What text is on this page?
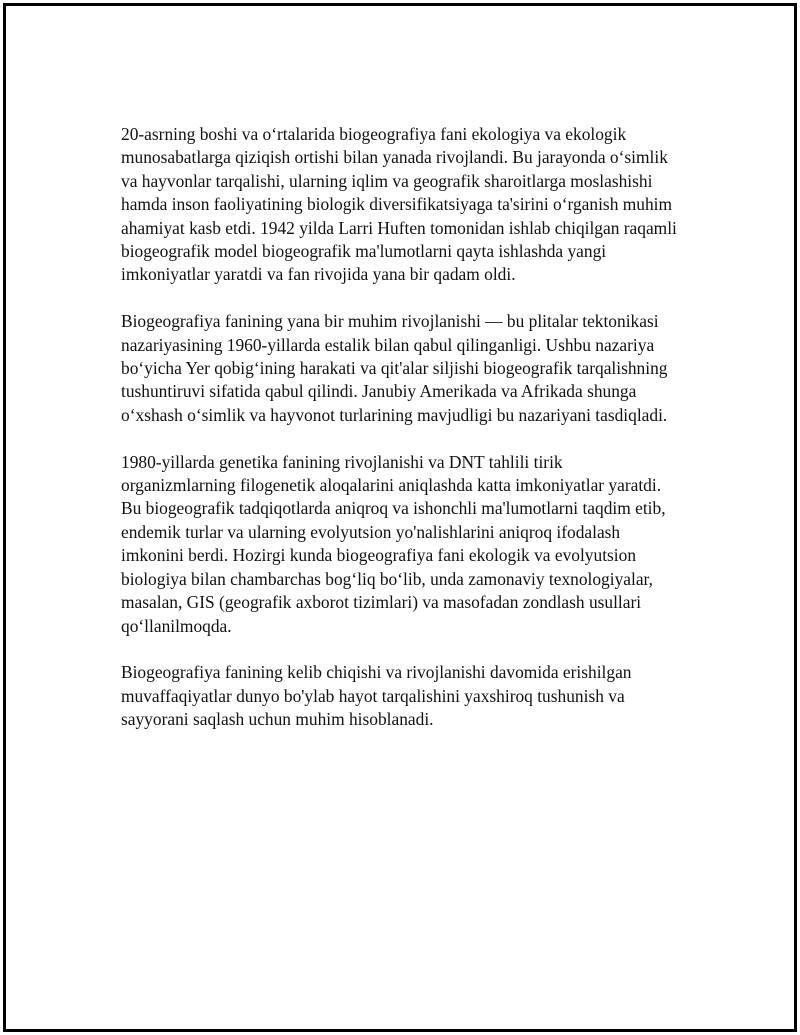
20-asrning boshi va o‘rtalarida biogeografiya fani ekologiya va ekologik munosabatlarga qiziqish ortishi bilan yanada rivojlandi. Bu jarayonda o‘simlik va hayvonlar tarqalishi, ularning iqlim va geografik sharoitlarga moslashishi hamda inson faoliyatining biologik diversifikatsiyaga ta'sirini o‘rganish muhim ahamiyat kasb etdi. 1942 yilda Larri Huften tomonidan ishlab chiqilgan raqamli biogeografik model biogeografik ma'lumotlarni qayta ishlashda yangi imkoniyatlar yaratdi va fan rivojida yana bir qadam oldi.

Biogeografiya fanining yana bir muhim rivojlanishi — bu plitalar tektonikasi nazariyasining 1960-yillarda estalik bilan qabul qilinganligi. Ushbu nazariya bo‘yicha Yer qobig‘ining harakati va qit'alar siljishi biogeografik tarqalishning tushuntiruvi sifatida qabul qilindi. Janubiy Amerikada va Afrikada shunga o‘xshash o‘simlik va hayvonot turlarining mavjudligi bu nazariyani tasdiqladi.

1980-yillarda genetika fanining rivojlanishi va DNT tahlili tirik organizmlarning filogenetik aloqalarini aniqlashda katta imkoniyatlar yaratdi. Bu biogeografik tadqiqotlarda aniqroq va ishonchli ma'lumotlarni taqdim etib, endemik turlar va ularning evolyutsion yo'nalishlarini aniqroq ifodalash imkonini berdi. Hozirgi kunda biogeografiya fani ekologik va evolyutsion biologiya bilan chambarchas bog‘liq bo‘lib, unda zamonaviy texnologiyalar, masalan, GIS (geografik axborot tizimlari) va masofadan zondlash usullari qo‘llanilmoqda.

Biogeografiya fanining kelib chiqishi va rivojlanishi davomida erishilgan muvaffaqiyatlar dunyo bo'ylab hayot tarqalishini yaxshiroq tushunish va sayyorani saqlash uchun muhim hisoblanadi.
